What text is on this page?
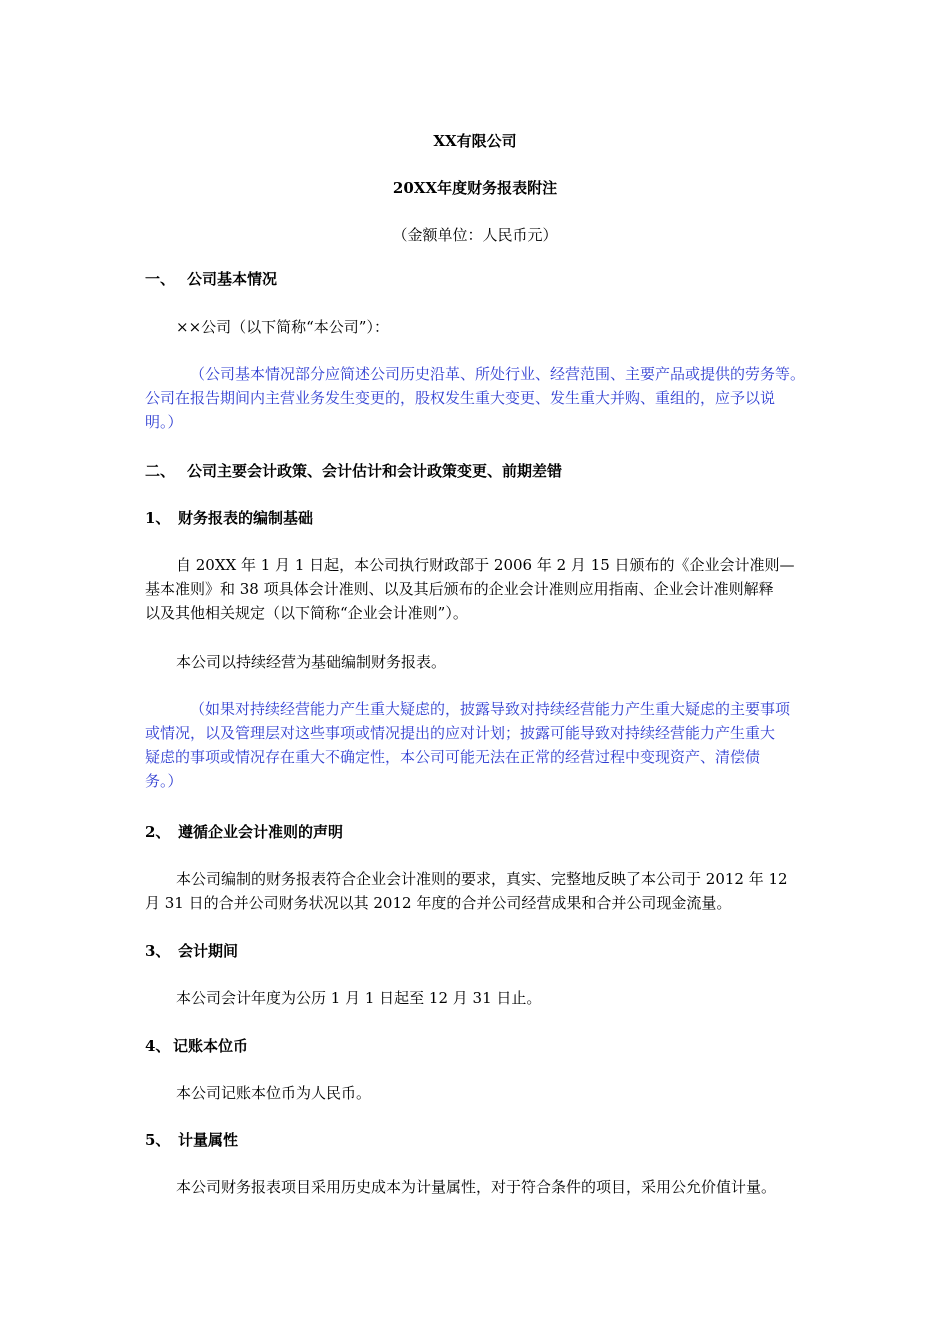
XX有限公司

20XX年度财务报表附注

（金额单位：人民币元）

一、 公司基本情况

××公司（以下简称“本公司”）：

（公司基本情况部分应简述公司历史沿革、所处行业、经营范围、主要产品或提供的劳务等。
公司在报告期间内主营业务发生变更的，股权发生重大变更、发生重大并购、重组的，应予以说
明。）

二、 公司主要会计政策、会计估计和会计政策变更、前期差错

1、 财务报表的编制基础

自 20XX 年 1 月 1 日起，本公司执行财政部于 2006 年 2 月 15 日颁布的《企业会计准则—
基本准则》和 38 项具体会计准则、以及其后颁布的企业会计准则应用指南、企业会计准则解释
以及其他相关规定（以下简称“企业会计准则”）。

本公司以持续经营为基础编制财务报表。

（如果对持续经营能力产生重大疑虑的，披露导致对持续经营能力产生重大疑虑的主要事项
或情况，以及管理层对这些事项或情况提出的应对计划；披露可能导致对持续经营能力产生重大
疑虑的事项或情况存在重大不确定性，本公司可能无法在正常的经营过程中变现资产、清偿债
务。）

2、 遵循企业会计准则的声明

本公司编制的财务报表符合企业会计准则的要求，真实、完整地反映了本公司于 2012 年 12
月 31 日的合并公司财务状况以其 2012 年度的合并公司经营成果和合并公司现金流量。

3、 会计期间

本公司会计年度为公历 1 月 1 日起至 12 月 31 日止。

4、 记账本位币

本公司记账本位币为人民币。

5、 计量属性

本公司财务报表项目采用历史成本为计量属性，对于符合条件的项目，采用公允价值计量。
